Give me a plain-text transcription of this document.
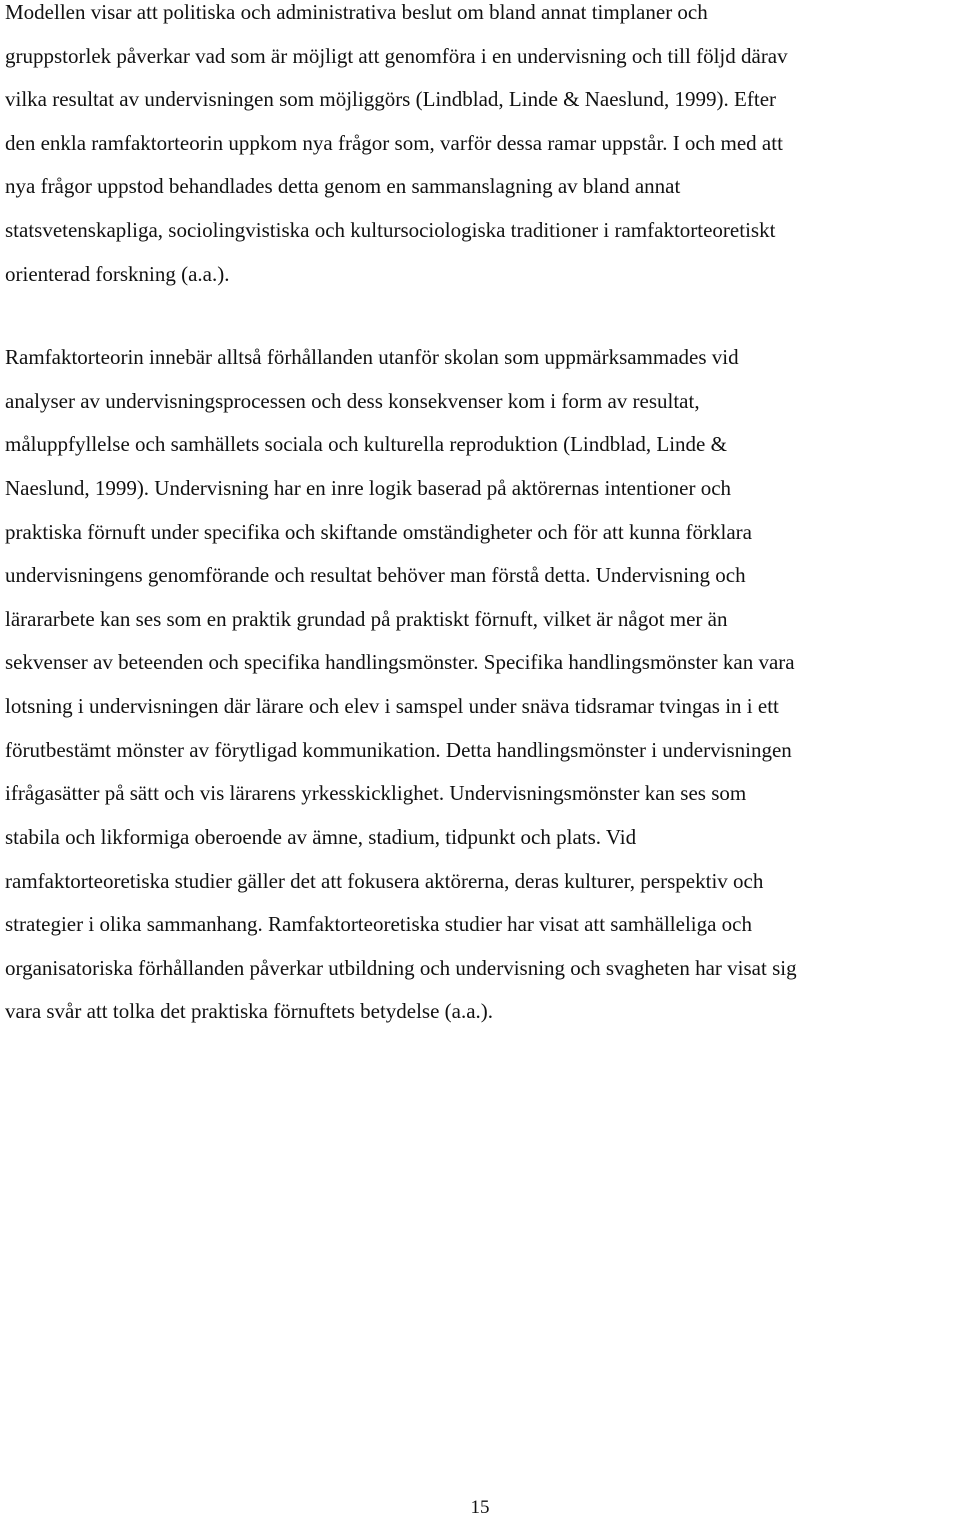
Modellen visar att politiska och administrativa beslut om bland annat timplaner och
gruppstorlek påverkar vad som är möjligt att genomföra i en undervisning och till följd därav
vilka resultat av undervisningen som möjliggörs (Lindblad, Linde & Naeslund, 1999). Efter
den enkla ramfaktorteorin uppkom nya frågor som, varför dessa ramar uppstår. I och med att
nya frågor uppstod behandlades detta genom en sammanslagning av bland annat
statsvetenskapliga, sociolingvistiska och kultursociologiska traditioner i ramfaktorteoretiskt
orienterad forskning (a.a.).
Ramfaktorteorin innebär alltså förhållanden utanför skolan som uppmärksammades vid
analyser av undervisningsprocessen och dess konsekvenser kom i form av resultat,
måluppfyllelse och samhällets sociala och kulturella reproduktion (Lindblad, Linde &
Naeslund, 1999). Undervisning har en inre logik baserad på aktörernas intentioner och
praktiska förnuft under specifika och skiftande omständigheter och för att kunna förklara
undervisningens genomförande och resultat behöver man förstå detta. Undervisning och
lärararbete kan ses som en praktik grundad på praktiskt förnuft, vilket är något mer än
sekvenser av beteenden och specifika handlingsmönster. Specifika handlingsmönster kan vara
lotsning i undervisningen där lärare och elev i samspel under snäva tidsramar tvingas in i ett
förutbestämt mönster av förytligad kommunikation. Detta handlingsmönster i undervisningen
ifrågasätter på sätt och vis lärarens yrkesskicklighet. Undervisningsmönster kan ses som
stabila och likformiga oberoende av ämne, stadium, tidpunkt och plats. Vid
ramfaktorteoretiska studier gäller det att fokusera aktörerna, deras kulturer, perspektiv och
strategier i olika sammanhang. Ramfaktorteoretiska studier har visat att samhälleliga och
organisatoriska förhållanden påverkar utbildning och undervisning och svagheten har visat sig
vara svår att tolka det praktiska förnuftets betydelse (a.a.).
15
